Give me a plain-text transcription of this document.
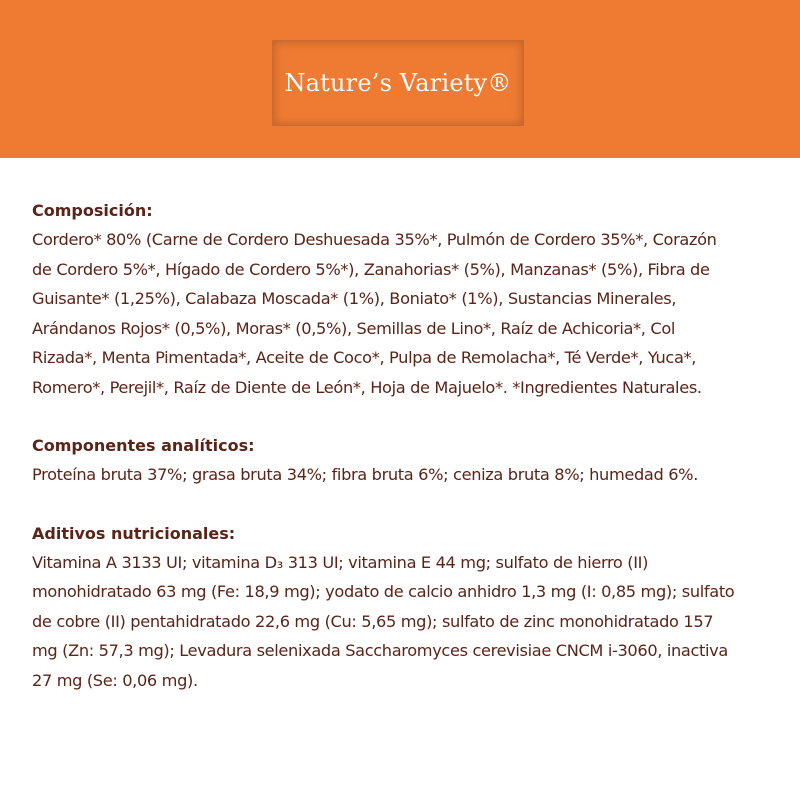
Nature’s Variety®
Composición:
Cordero* 80% (Carne de Cordero Deshuesada 35%*, Pulmón de Cordero 35%*, Corazón
de Cordero 5%*, Hígado de Cordero 5%*), Zanahorias* (5%), Manzanas* (5%), Fibra de
Guisante* (1,25%), Calabaza Moscada* (1%), Boniato* (1%), Sustancias Minerales,
Arándanos Rojos* (0,5%), Moras* (0,5%), Semillas de Lino*, Raíz de Achicoria*, Col
Rizada*, Menta Pimentada*, Aceite de Coco*, Pulpa de Remolacha*, Té Verde*, Yuca*,
Romero*, Perejil*, Raíz de Diente de León*, Hoja de Majuelo*. *Ingredientes Naturales.
Componentes analíticos:
Proteína bruta 37%; grasa bruta 34%; fibra bruta 6%; ceniza bruta 8%; humedad 6%.
Aditivos nutricionales:
Vitamina A 3133 UI; vitamina D₃ 313 UI; vitamina E 44 mg; sulfato de hierro (II)
monohidratado 63 mg (Fe: 18,9 mg); yodato de calcio anhidro 1,3 mg (I: 0,85 mg); sulfato
de cobre (II) pentahidratado 22,6 mg (Cu: 5,65 mg); sulfato de zinc monohidratado 157
mg (Zn: 57,3 mg); Levadura selenixada Saccharomyces cerevisiae CNCM i-3060, inactiva
27 mg (Se: 0,06 mg).
